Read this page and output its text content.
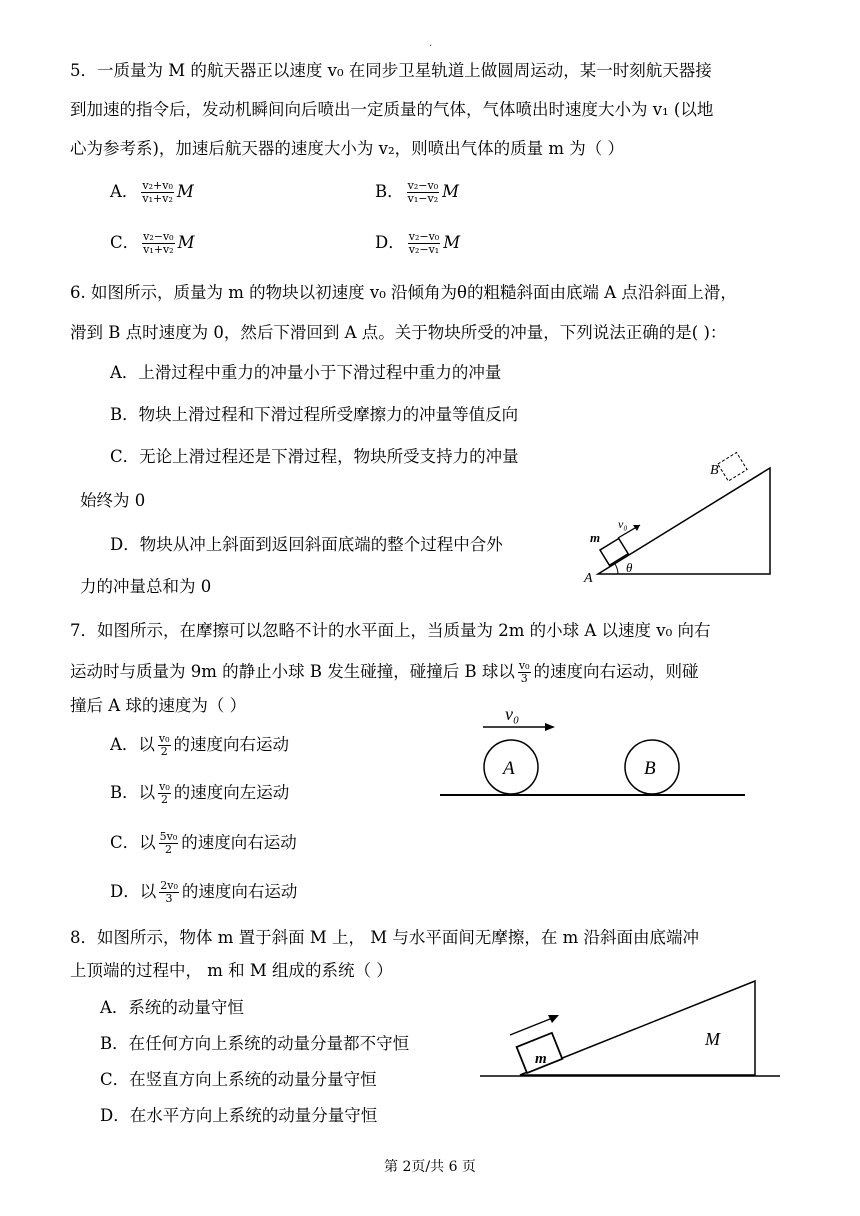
.
5．一质量为 M 的航天器正以速度 v₀ 在同步卫星轨道上做圆周运动，某一时刻航天器接
到加速的指令后，发动机瞬间向后喷出一定质量的气体，气体喷出时速度大小为 v₁ (以地
心为参考系)，加速后航天器的速度大小为 v₂，则喷出气体的质量 m 为（ ）
A． $\frac{\text{v₂+v₀}}{\text{v₁+v₂}}$ M	B． $\frac{\text{v₂−v₀}}{\text{v₁−v₂}}$ M
C． $\frac{\text{v₂−v₀}}{\text{v₁+v₂}}$ M	D． $\frac{\text{v₂−v₀}}{\text{v₂−v₁}}$ M
6. 如图所示，质量为 m 的物块以初速度 v₀ 沿倾角为θ的粗糙斜面由底端 A 点沿斜面上滑，
滑到 B 点时速度为 0，然后下滑回到 A 点。关于物块所受的冲量，下列说法正确的是( )：
A．上滑过程中重力的冲量小于下滑过程中重力的冲量
B．物块上滑过程和下滑过程所受摩擦力的冲量等值反向
C．无论上滑过程还是下滑过程，物块所受支持力的冲量
始终为 0
D．物块从冲上斜面到返回斜面底端的整个过程中合外
力的冲量总和为 0	A
B
m
v₀
θ
7．如图所示，在摩擦可以忽略不计的水平面上，当质量为 2m 的小球 A 以速度 v₀ 向右
运动时与质量为 9m 的静止小球 B 发生碰撞，碰撞后 B 球以 $\frac{\text{v₀}}{3}$ 的速度向右运动，则碰
撞后 A 球的速度为（ ）
A．以 $\frac{\text{v₀}}{2}$ 的速度向右运动
B．以 $\frac{\text{v₀}}{2}$ 的速度向左运动
C．以 $\frac{\text{5v₀}}{2}$ 的速度向右运动
D．以 $\frac{\text{2v₀}}{3}$ 的速度向右运动
v₀
A	B
8．如图所示，物体 m 置于斜面 M 上， M 与水平面间无摩擦，在 m 沿斜面由底端冲
上顶端的过程中， m 和 M 组成的系统（ ）
A．系统的动量守恒
B．在任何方向上系统的动量分量都不守恒
C．在竖直方向上系统的动量分量守恒
D．在水平方向上系统的动量分量守恒
m
M
第 2页/共 6 页
